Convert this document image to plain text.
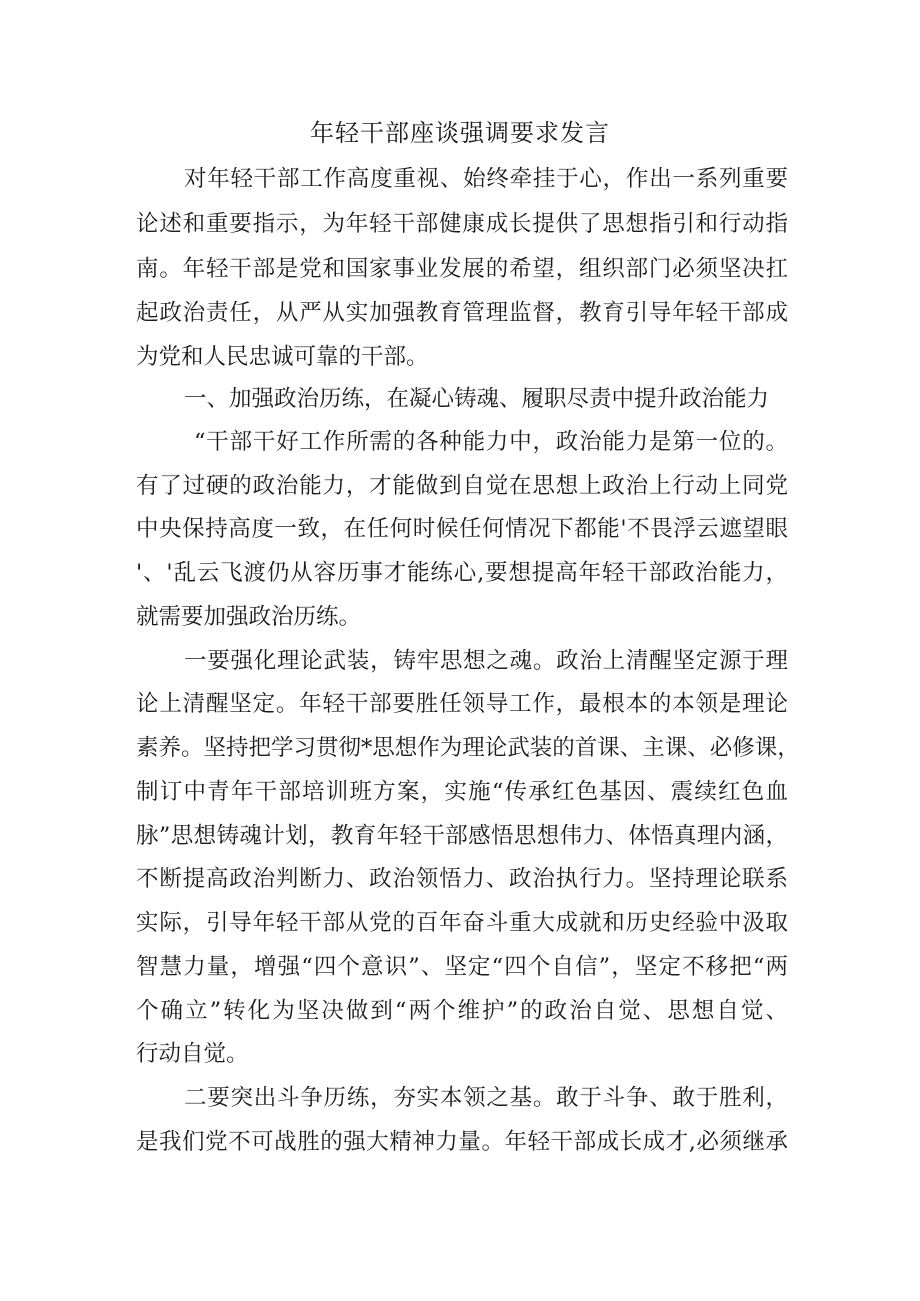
年轻干部座谈强调要求发言
对年轻干部工作高度重视、始终牵挂于心，作出一系列重要
论述和重要指示，为年轻干部健康成长提供了思想指引和行动指
南。年轻干部是党和国家事业发展的希望，组织部门必须坚决扛
起政治责任，从严从实加强教育管理监督，教育引导年轻干部成
为党和人民忠诚可靠的干部。
一、加强政治历练，在凝心铸魂、履职尽责中提升政治能力
“干部干好工作所需的各种能力中，政治能力是第一位的。
有了过硬的政治能力，才能做到自觉在思想上政治上行动上同党
中央保持高度一致，在任何时候任何情况下都能'不畏浮云遮望眼
'、'乱云飞渡仍从容历事才能练心,要想提高年轻干部政治能力，
就需要加强政治历练。
一要强化理论武装，铸牢思想之魂。政治上清醒坚定源于理
论上清醒坚定。年轻干部要胜任领导工作，最根本的本领是理论
素养。坚持把学习贯彻*思想作为理论武装的首课、主课、必修课，
制订中青年干部培训班方案，实施“传承红色基因、震续红色血
脉”思想铸魂计划，教育年轻干部感悟思想伟力、体悟真理内涵，
不断提高政治判断力、政治领悟力、政治执行力。坚持理论联系
实际，引导年轻干部从党的百年奋斗重大成就和历史经验中汲取
智慧力量，增强“四个意识”、坚定“四个自信”，坚定不移把“两
个确立”转化为坚决做到“两个维护”的政治自觉、思想自觉、
行动自觉。
二要突出斗争历练，夯实本领之基。敢于斗争、敢于胜利，
是我们党不可战胜的强大精神力量。年轻干部成长成才,必须继承
